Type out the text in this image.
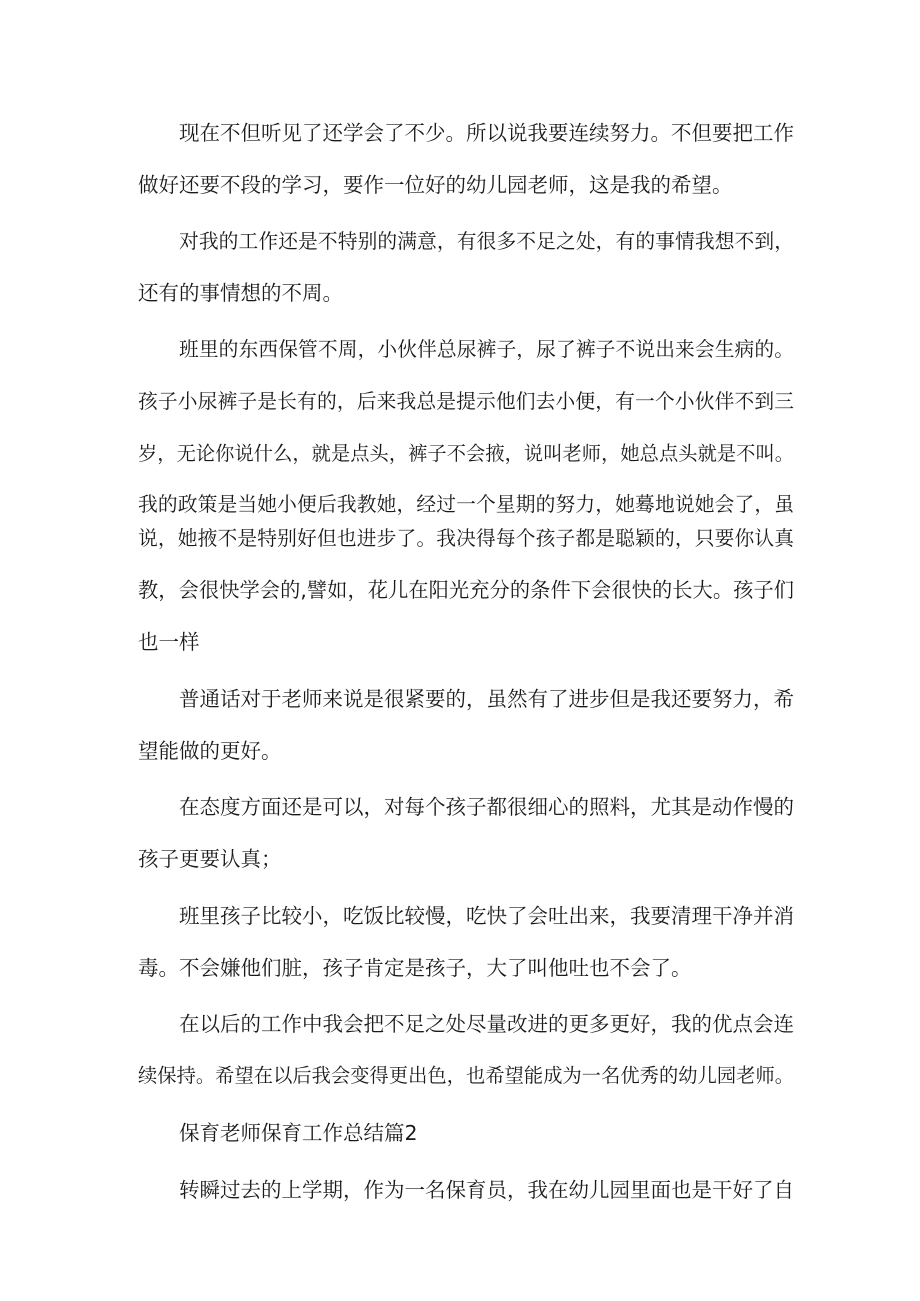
现在不但听见了还学会了不少。所以说我要连续努力。不但要把工作
做好还要不段的学习，要作一位好的幼儿园老师，这是我的希望。
对我的工作还是不特别的满意，有很多不足之处，有的事情我想不到，
还有的事情想的不周。
班里的东西保管不周，小伙伴总尿裤子，尿了裤子不说出来会生病的。
孩子小尿裤子是长有的，后来我总是提示他们去小便，有一个小伙伴不到三
岁，无论你说什么，就是点头，裤子不会掖，说叫老师，她总点头就是不叫。
我的政策是当她小便后我教她，经过一个星期的努力，她蓦地说她会了，虽
说，她掖不是特别好但也进步了。我决得每个孩子都是聪颖的，只要你认真
教，会很快学会的,譬如，花儿在阳光充分的条件下会很快的长大。孩子们
也一样
普通话对于老师来说是很紧要的，虽然有了进步但是我还要努力，希
望能做的更好。
在态度方面还是可以，对每个孩子都很细心的照料，尤其是动作慢的
孩子更要认真；
班里孩子比较小，吃饭比较慢，吃快了会吐出来，我要清理干净并消
毒。不会嫌他们脏，孩子肯定是孩子，大了叫他吐也不会了。
在以后的工作中我会把不足之处尽量改进的更多更好，我的优点会连
续保持。希望在以后我会变得更出色，也希望能成为一名优秀的幼儿园老师。
保育老师保育工作总结篇2
转瞬过去的上学期，作为一名保育员，我在幼儿园里面也是干好了自
